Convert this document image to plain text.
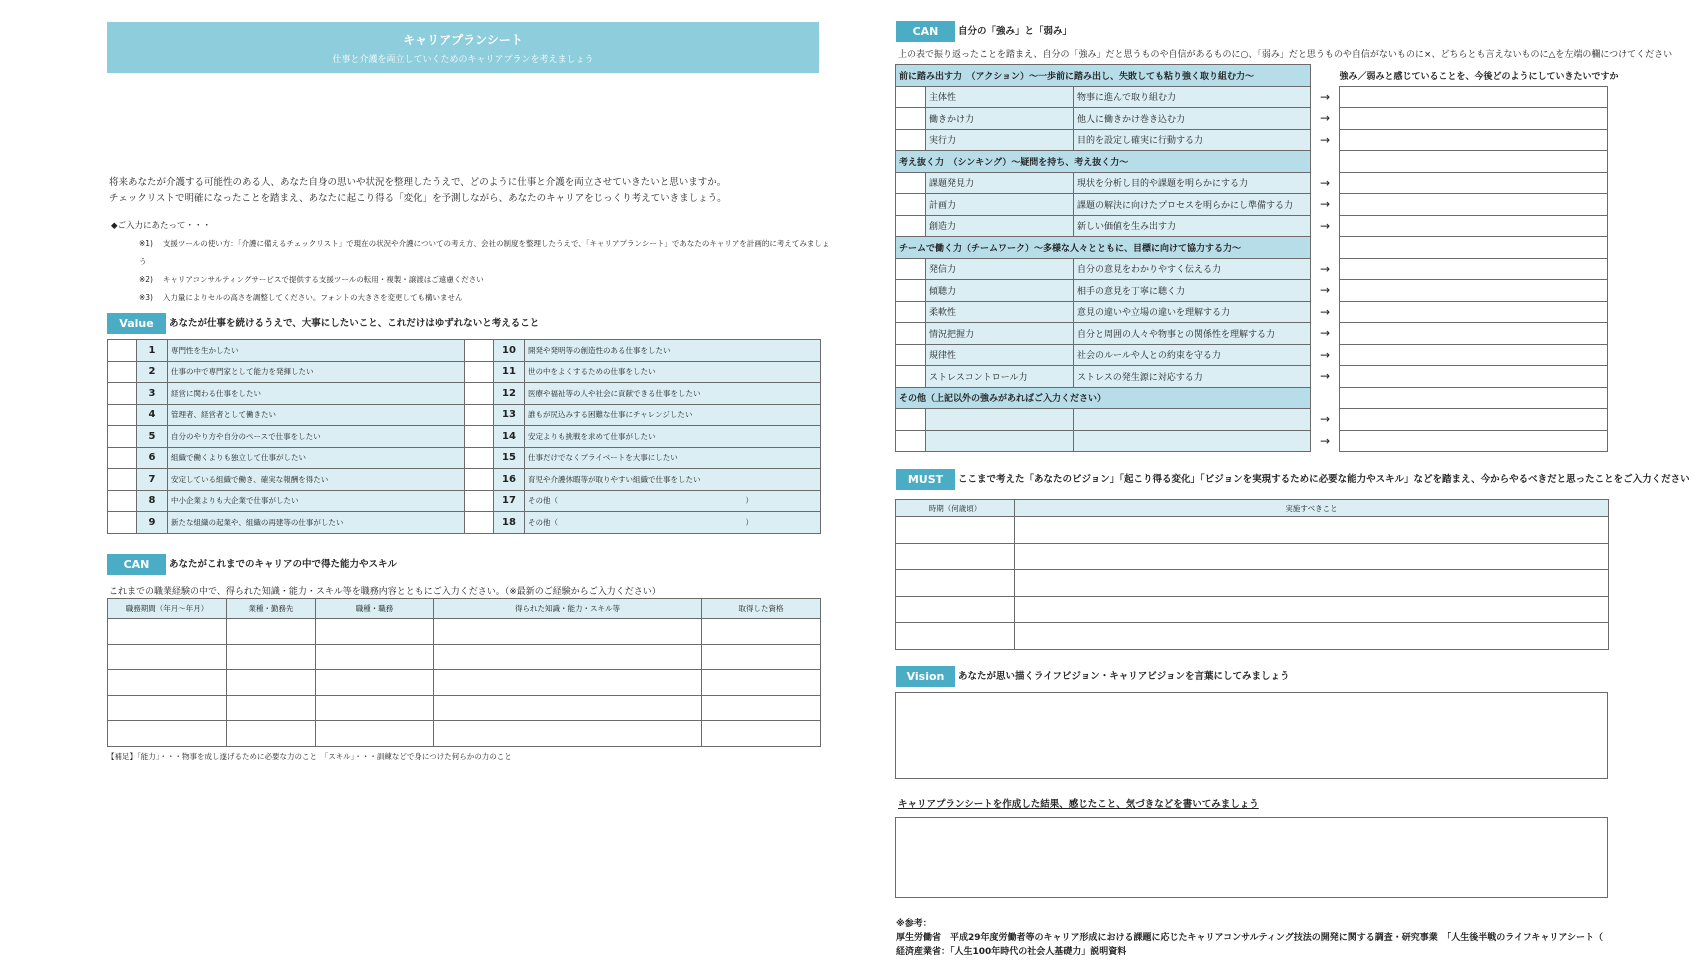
キャリアプランシート
仕事と介護を両立していくためのキャリアプランを考えましょう
将来あなたが介護する可能性のある人、あなた自身の思いや状況を整理したうえで、どのように仕事と介護を両立させていきたいと思いますか。
チェックリストで明確になったことを踏まえ、あなたに起こり得る「変化」を予測しながら、あなたのキャリアをじっくり考えていきましょう。
◆ご入力にあたって・・・
※1)　 支援ツールの使い方：「介護に備えるチェックリスト」で現在の状況や介護についての考え方、会社の制度を整理したうえで、「キャリアプランシート」であなたのキャリアを計画的に考えてみましょう
※2)　 キャリアコンサルティングサービスで提供する支援ツールの転用・複製・譲渡はご遠慮ください
※3)　 入力量によりセルの高さを調整してください。フォントの大きさを変更しても構いません
Value	あなたが仕事を続けるうえで、大事にしたいこと、これだけはゆずれないと考えること
	1	専門性を生かしたい		10	開発や発明等の創造性のある仕事をしたい
	2	仕事の中で専門家として能力を発揮したい		11	世の中をよくするための仕事をしたい
	3	経営に関わる仕事をしたい		12	医療や福祉等の人や社会に貢献できる仕事をしたい
	4	管理者、経営者として働きたい		13	誰もが尻込みする困難な仕事にチャレンジしたい
	5	自分のやり方や自分のペースで仕事をしたい		14	安定よりも挑戦を求めて仕事がしたい
	6	組織で働くよりも独立して仕事がしたい		15	仕事だけでなくプライベートを大事にしたい
	7	安定している組織で働き、確実な報酬を得たい		16	育児や介護休暇等が取りやすい組織で仕事をしたい
	8	中小企業よりも大企業で仕事がしたい		17	その他（　　　　　　　　　　　　　　　　　　　　　　　　　）
	9	新たな組織の起業や、組織の再建等の仕事がしたい		18	その他（　　　　　　　　　　　　　　　　　　　　　　　　　）
CAN	あなたがこれまでのキャリアの中で得た能力やスキル
これまでの職業経験の中で、得られた知識・能力・スキル等を職務内容とともにご入力ください。（※最新のご経験からご入力ください）
職務期間（年月～年月）	業種・勤務先	職種・職務	得られた知識・能力・スキル等	取得した資格

【補足】「能力」・・・物事を成し遂げるために必要な力のこと　「スキル」・・・訓練などで身につけた何らかの力のこと
CAN	自分の「強み」と「弱み」
上の表で振り返ったことを踏まえ、自分の「強み」だと思うものや自信があるものに○、「弱み」だと思うものや自信がないものに×、どちらとも言えないものに△を左端の欄につけてください
前に踏み出す力　（アクション）～一歩前に踏み出し、失敗しても粘り強く取り組む力～				強み／弱みと感じていることを、今後どのようにしていきたいですか
	主体性	物事に進んで取り組む力	→	
	働きかけ力	他人に働きかけ巻き込む力	→	
	実行力	目的を設定し確実に行動する力	→	
考え抜く力　（シンキング）～疑問を持ち、考え抜く力～				
	課題発見力	現状を分析し目的や課題を明らかにする力	→	
	計画力	課題の解決に向けたプロセスを明らかにし準備する力	→	
	創造力	新しい価値を生み出す力	→	
チームで働く力（チームワーク）～多様な人々とともに、目標に向けて協力する力～				
	発信力	自分の意見をわかりやすく伝える力	→	
	傾聴力	相手の意見を丁寧に聴く力	→	
	柔軟性	意見の違いや立場の違いを理解する力	→	
	情況把握力	自分と周囲の人々や物事との関係性を理解する力	→	
	規律性	社会のルールや人との約束を守る力	→	
	ストレスコントロール力	ストレスの発生源に対応する力	→	
その他（上記以外の強みがあればご入力ください）				
			→	
			→	
MUST	ここまで考えた「あなたのビジョン」「起こり得る変化」「ビジョンを実現するために必要な能力やスキル」などを踏まえ、今からやるべきだと思ったことをご入力ください
時期（何歳頃）	実施すべきこと

Vision	あなたが思い描くライフビジョン・キャリアビジョンを言葉にしてみましょう
キャリアプランシートを作成した結果、感じたこと、気づきなどを書いてみましょう
※参考：
厚生労働省　平成29年度労働者等のキャリア形成における課題に応じたキャリアコンサルティング技法の開発に関する調査・研究事業　「人生後半戦のライフキャリアシート（
経済産業省：「人生100年時代の社会人基礎力」説明資料
